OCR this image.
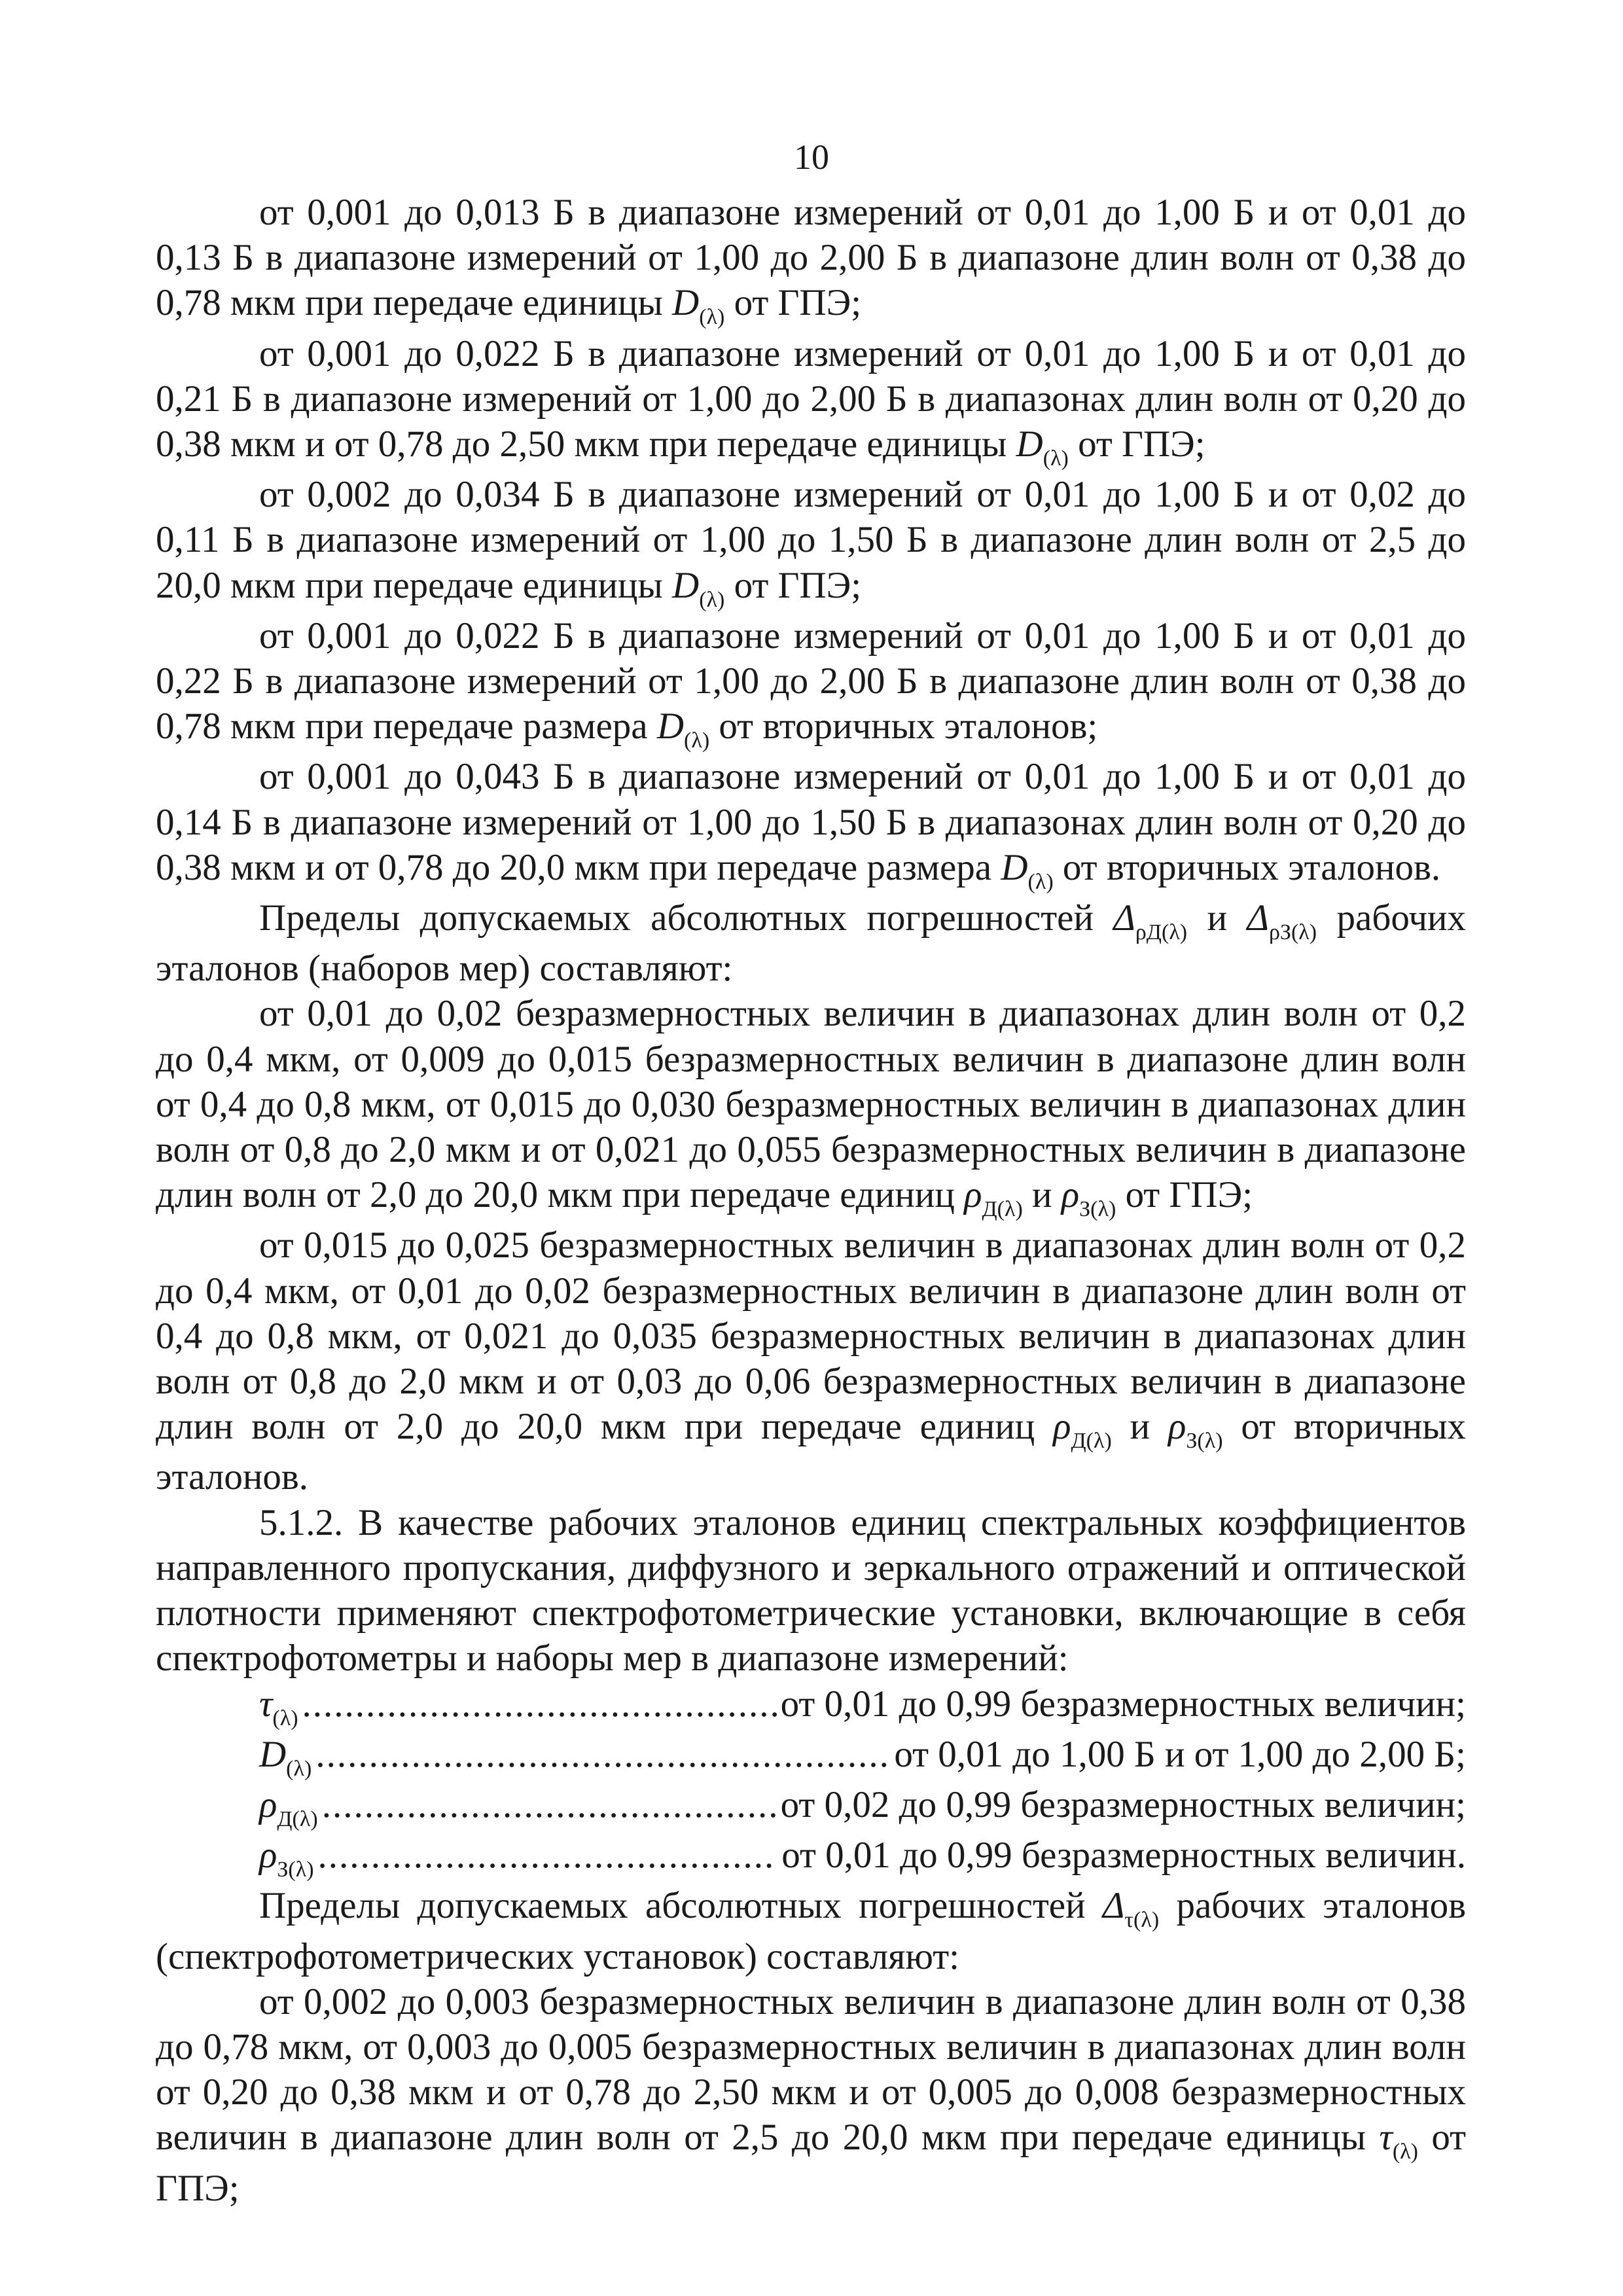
10

от 0,001 до 0,013 Б в диапазоне измерений от 0,01 до 1,00 Б и от 0,01 до 0,13 Б в диапазоне измерений от 1,00 до 2,00 Б в диапазоне длин волн от 0,38 до 0,78 мкм при передаче единицы $D_{(\lambda)}$ от ГПЭ;

от 0,001 до 0,022 Б в диапазоне измерений от 0,01 до 1,00 Б и от 0,01 до 0,21 Б в диапазоне измерений от 1,00 до 2,00 Б в диапазонах длин волн от 0,20 до 0,38 мкм и от 0,78 до 2,50 мкм при передаче единицы $D_{(\lambda)}$ от ГПЭ;

от 0,002 до 0,034 Б в диапазоне измерений от 0,01 до 1,00 Б и от 0,02 до 0,11 Б в диапазоне измерений от 1,00 до 1,50 Б в диапазоне длин волн от 2,5 до 20,0 мкм при передаче единицы $D_{(\lambda)}$ от ГПЭ;

от 0,001 до 0,022 Б в диапазоне измерений от 0,01 до 1,00 Б и от 0,01 до 0,22 Б в диапазоне измерений от 1,00 до 2,00 Б в диапазоне длин волн от 0,38 до 0,78 мкм при передаче размера $D_{(\lambda)}$ от вторичных эталонов;

от 0,001 до 0,043 Б в диапазоне измерений от 0,01 до 1,00 Б и от 0,01 до 0,14 Б в диапазоне измерений от 1,00 до 1,50 Б в диапазонах длин волн от 0,20 до 0,38 мкм и от 0,78 до 20,0 мкм при передаче размера $D_{(\lambda)}$ от вторичных эталонов.

Пределы допускаемых абсолютных погрешностей $\Delta_{\rho Д(\lambda)}$ и $\Delta_{\rho З(\lambda)}$ рабочих эталонов (наборов мер) составляют:

от 0,01 до 0,02 безразмерностных величин в диапазонах длин волн от 0,2 до 0,4 мкм, от 0,009 до 0,015 безразмерностных величин в диапазоне длин волн от 0,4 до 0,8 мкм, от 0,015 до 0,030 безразмерностных величин в диапазонах длин волн от 0,8 до 2,0 мкм и от 0,021 до 0,055 безразмерностных величин в диапазоне длин волн от 2,0 до 20,0 мкм при передаче единиц $\rho_{Д(\lambda)}$ и $\rho_{З(\lambda)}$ от ГПЭ;

от 0,015 до 0,025 безразмерностных величин в диапазонах длин волн от 0,2 до 0,4 мкм, от 0,01 до 0,02 безразмерностных величин в диапазоне длин волн от 0,4 до 0,8 мкм, от 0,021 до 0,035 безразмерностных величин в диапазонах длин волн от 0,8 до 2,0 мкм и от 0,03 до 0,06 безразмерностных величин в диапазоне длин волн от 2,0 до 20,0 мкм при передаче единиц $\rho_{Д(\lambda)}$ и $\rho_{З(\lambda)}$ от вторичных эталонов.

5.1.2. В качестве рабочих эталонов единиц спектральных коэффициентов направленного пропускания, диффузного и зеркального отражений и оптической плотности применяют спектрофотометрические установки, включающие в себя спектрофотометры и наборы мер в диапазоне измерений:

$\tau_{(\lambda)}$ .....	от 0,01 до 0,99 безразмерностных величин;
$D_{(\lambda)}$ .....	от 0,01 до 1,00 Б и от 1,00 до 2,00 Б;
$\rho_{Д(\lambda)}$ .....	от 0,02 до 0,99 безразмерностных величин;
$\rho_{З(\lambda)}$ .....	от 0,01 до 0,99 безразмерностных величин.

Пределы допускаемых абсолютных погрешностей $\Delta_{\tau(\lambda)}$ рабочих эталонов (спектрофотометрических установок) составляют:

от 0,002 до 0,003 безразмерностных величин в диапазоне длин волн от 0,38 до 0,78 мкм, от 0,003 до 0,005 безразмерностных величин в диапазонах длин волн от 0,20 до 0,38 мкм и от 0,78 до 2,50 мкм и от 0,005 до 0,008 безразмерностных величин в диапазоне длин волн от 2,5 до 20,0 мкм при передаче единицы $\tau_{(\lambda)}$ от ГПЭ;
